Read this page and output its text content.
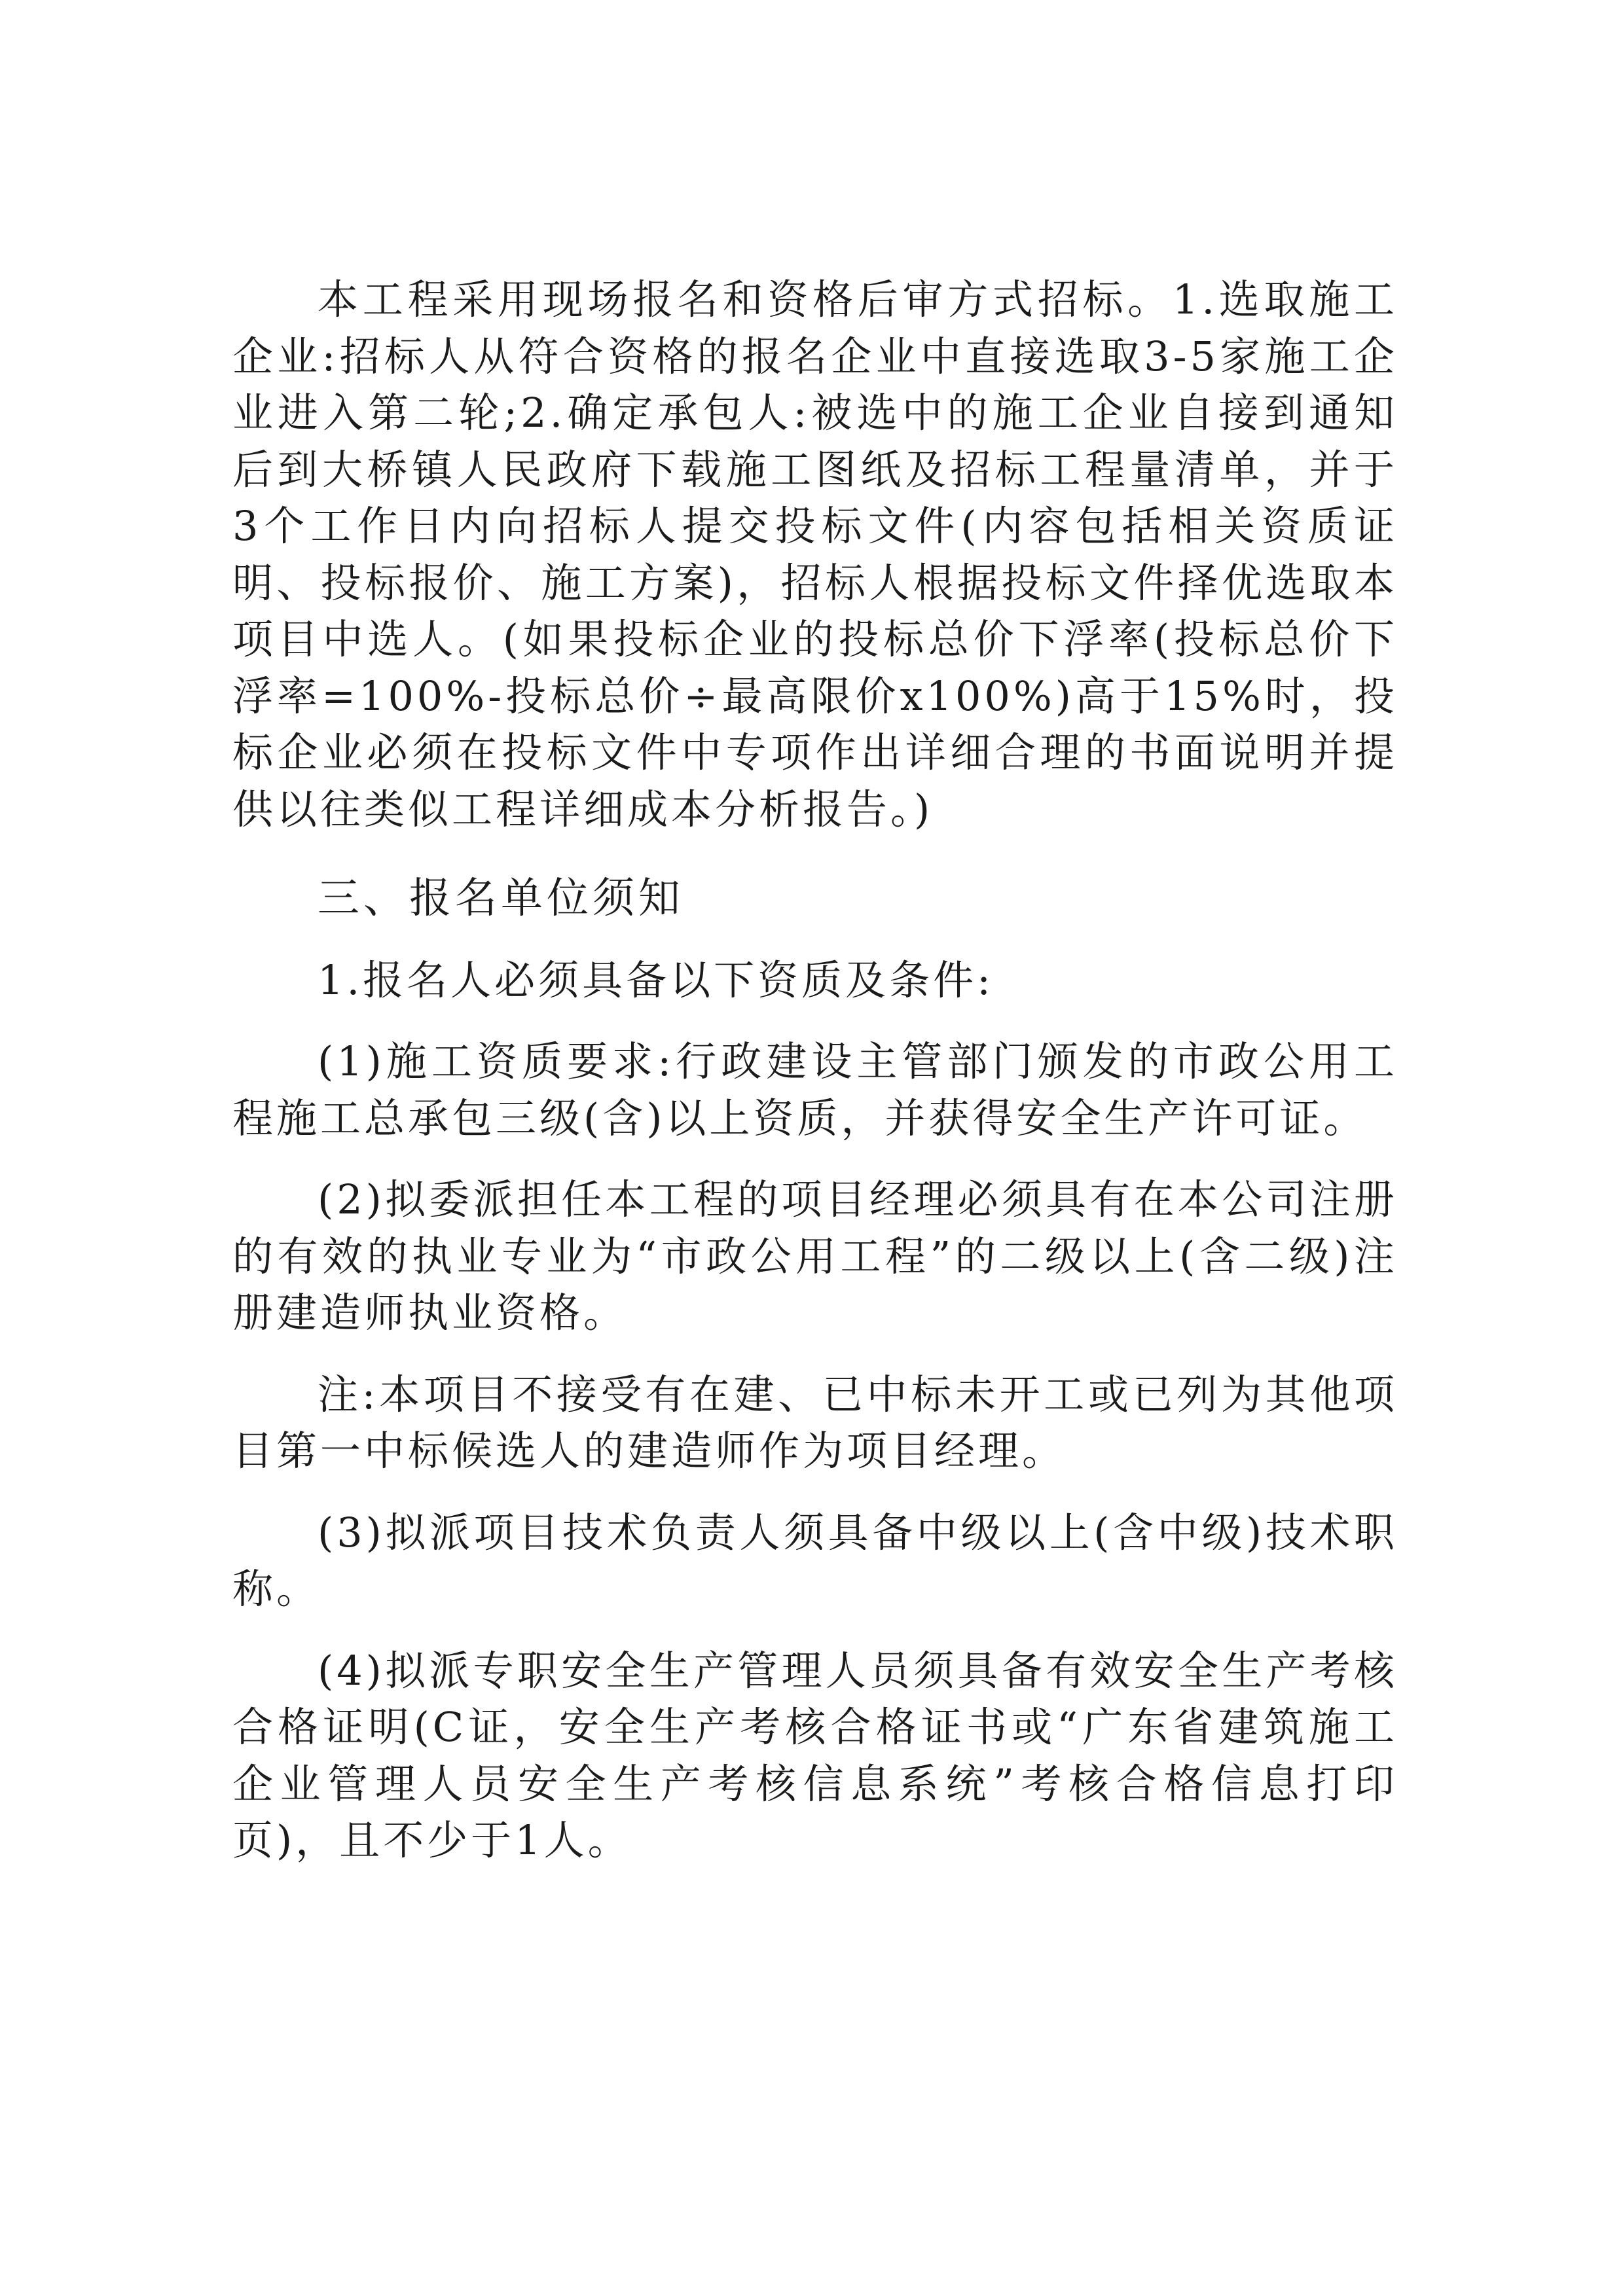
本工程采用现场报名和资格后审方式招标。1.选取施工企业:招标人从符合资格的报名企业中直接选取3-5家施工企业进入第二轮;2.确定承包人:被选中的施工企业自接到通知后到大桥镇人民政府下载施工图纸及招标工程量清单，并于3个工作日内向招标人提交投标文件(内容包括相关资质证明、投标报价、施工方案)，招标人根据投标文件择优选取本项目中选人。(如果投标企业的投标总价下浮率(投标总价下浮率=100%-投标总价÷最高限价x100%)高于15%时，投标企业必须在投标文件中专项作出详细合理的书面说明并提供以往类似工程详细成本分析报告。)

三、报名单位须知

1.报名人必须具备以下资质及条件:

(1)施工资质要求:行政建设主管部门颁发的市政公用工程施工总承包三级(含)以上资质，并获得安全生产许可证。

(2)拟委派担任本工程的项目经理必须具有在本公司注册的有效的执业专业为“市政公用工程”的二级以上(含二级)注册建造师执业资格。

注:本项目不接受有在建、已中标未开工或已列为其他项目第一中标候选人的建造师作为项目经理。

(3)拟派项目技术负责人须具备中级以上(含中级)技术职称。

(4)拟派专职安全生产管理人员须具备有效安全生产考核合格证明(C证，安全生产考核合格证书或“广东省建筑施工企业管理人员安全生产考核信息系统”考核合格信息打印页)，且不少于1人。
